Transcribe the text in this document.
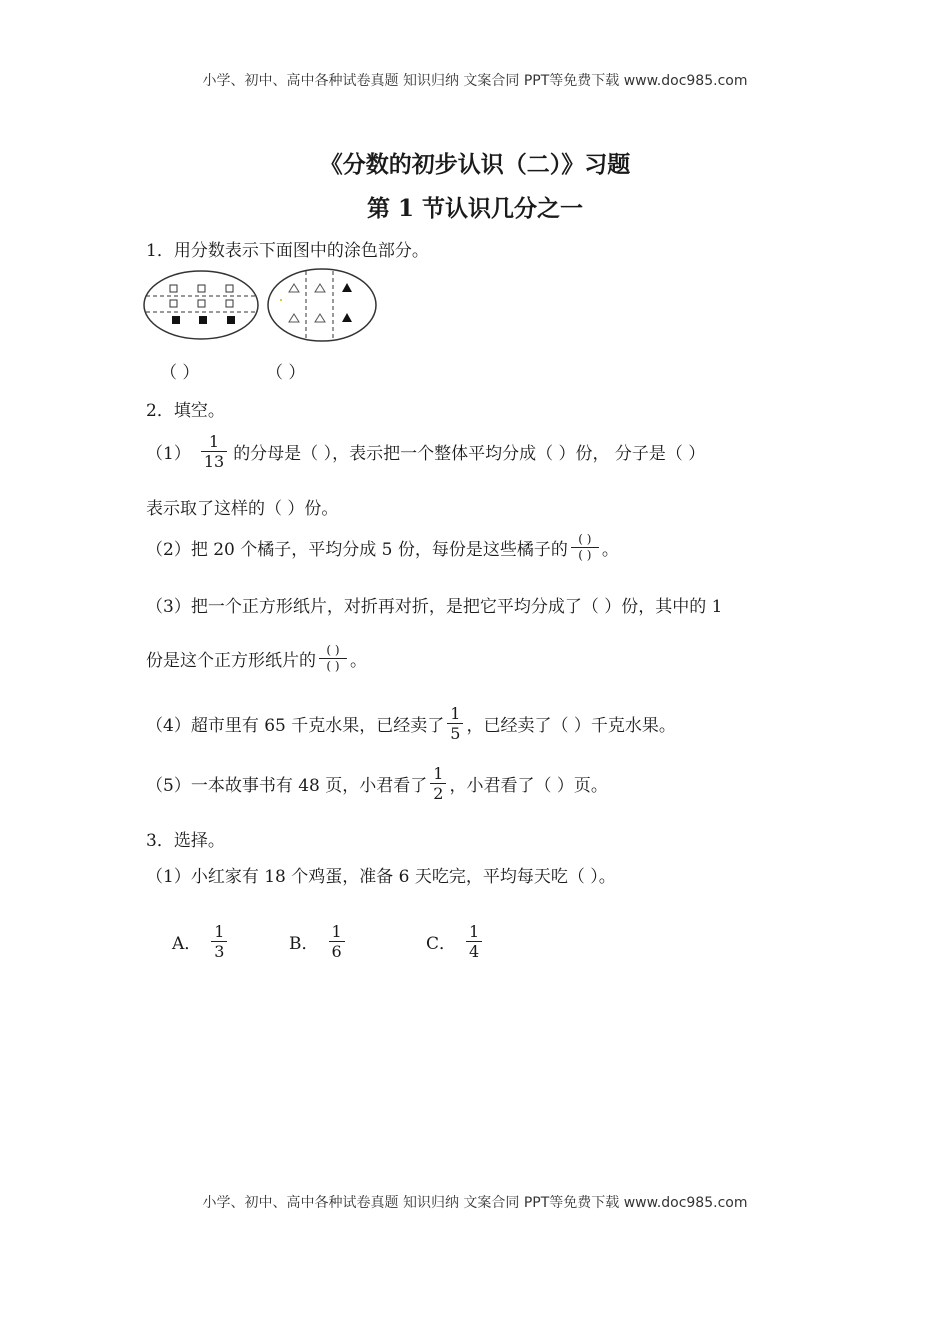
小学、初中、高中各种试卷真题 知识归纳 文案合同 PPT等免费下载 www.doc985.com
《分数的初步认识（二）》习题
第 1 节认识几分之一
1．用分数表示下面图中的涂色部分。
（ ）	（ ）
2．填空。
$(1) \frac{1}{13}$ 的分母是（ ），表示把一个整体平均分成（ ）份， 分子是（ ）
表示取了这样的（ ）份。
（2）把 20 个橘子，平均分成 5 份，每份是这些橘子的 $\frac{( )}{( )}$ 。
（3）把一个正方形纸片，对折再对折，是把它平均分成了（ ）份，其中的 1
份是这个正方形纸片的 $\frac{( )}{( )}$ 。
（4）超市里有 65 千克水果，已经卖了 $\frac{1}{5}$ ，已经卖了（ ）千克水果。
（5）一本故事书有 48 页，小君看了 $\frac{1}{2}$ ，小君看了（ ）页。
3．选择。
（1）小红家有 18 个鸡蛋，准备 6 天吃完，平均每天吃（ ）。
A． $\frac{1}{3}$	B． $\frac{1}{6}$	C． $\frac{1}{4}$
小学、初中、高中各种试卷真题 知识归纳 文案合同 PPT等免费下载 www.doc985.com
